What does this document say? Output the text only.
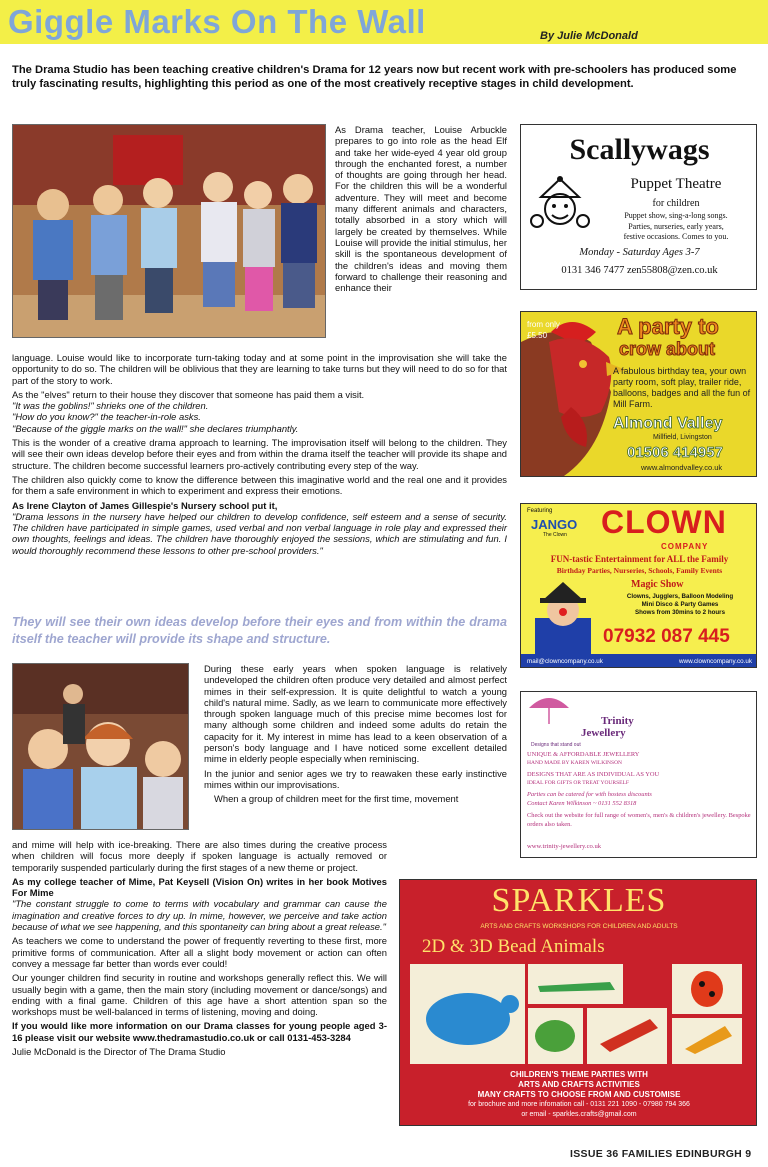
Giggle Marks On The Wall	By Julie McDonald
The Drama Studio has been teaching creative children's Drama for 12 years now but recent work with pre-schoolers has produced some truly fascinating results, highlighting this period as one of the most creatively receptive stages in child development.
As Drama teacher, Louise Arbuckle prepares to go into role as the head Elf and take her wide-eyed 4 year old group through the enchanted forest, a number of thoughts are going through her head. For the children this will be a wonderful adventure. They will meet and become many different animals and characters, totally absorbed in a story which will largely be created by themselves. While Louise will provide the initial stimulus, her skill is the spontaneous development of the children's ideas and moving them forward to challenge their reasoning and enhance their

language. Louise would like to incorporate turn-taking today and at some point in the improvisation she will take the opportunity to do so. The children will be oblivious that they are learning to take turns but they will need to do so for that part of the story to work.

As the "elves" return to their house they discover that someone has paid them a visit.

"It was the goblins!" shrieks one of the children.
"How do you know?" the teacher-in-role asks.

"Because of the giggle marks on the wall!" she declares triumphantly.

This is the wonder of a creative drama approach to learning. The improvisation itself will belong to the children. They will see their own ideas develop before their eyes and from within the drama itself the teacher will provide its shape and structure. The children become successful learners pro-actively contributing every step of the way.

The children also quickly come to know the difference between this imaginative world and the real one and it provides for them a safe environment in which to experiment and express their emotions.

As Irene Clayton of James Gillespie's Nursery school put it,

"Drama lessons in the nursery have helped our children to develop confidence, self esteem and a sense of security. The children have participated in simple games, used verbal and non verbal language in role play and expressed their own thoughts, feelings and ideas. The children have thoroughly enjoyed the sessions, which are stimulating and fun. I would thoroughly recommend these lessons to other pre-school providers."

They will see their own ideas develop before their eyes and from within the drama itself the teacher will provide its shape and structure.

During these early years when spoken language is relatively undeveloped the children often produce very detailed and almost perfect mimes in their self-expression. It is quite delightful to watch a young child's natural mime. Sadly, as we learn to communicate more effectively through spoken language much of this precise mime becomes lost for many although some children and indeed some adults do retain the capacity for it. My interest in mime has lead to a keen observation of a person's body language and I have noticed some excellent detailed mime in elderly people especially when reminiscing.

In the junior and senior ages we try to reawaken these early instinctive mimes within our improvisations.

When a group of children meet for the first time, movement

and mime will help with ice-breaking. There are also times during the creative process when children will focus more deeply if spoken language is actually removed or temporarily suspended particularly during the first stages of a new theme or project.

As my college teacher of Mime, Pat Keysell (Vision On) writes in her book Motives For Mime

"The constant struggle to come to terms with vocabulary and grammar can cause the imagination and creative forces to dry up. In mime, however, we perceive and take action because of what we see happening, and this spontaneity can bring about a great release."

As teachers we come to understand the power of frequently reverting to these first, more primitive forms of communication. After all a slight body movement or action can often convey a message far better than words ever could!

Our younger children find security in routine and workshops generally reflect this. We will usually begin with a game, then the main story (including movement or dance/songs) and ending with a final game. Children of this age have a short attention span so the workshops must be well-balanced in terms of listening, moving and doing.

If you would like more information on our Drama classes for young people aged 3-16 please visit our website www.thedramastudio.co.uk or call 0131-453-3284

Julie McDonald is the Director of The Drama Studio

Scallywags
Puppet Theatre
for children
Puppet show, sing-a-long songs.
Parties, nurseries, early years,
festive occasions. Comes to you.
Monday - Saturday Ages 3-7
0131 346 7477 zen55808@zen.co.uk
from only
£5.50	A party to
crow about
A fabulous birthday tea, your own party room, soft play, trailer ride, balloons, badges and all the fun of Mill Farm.
Almond Valley
Millfield, Livingston
01506 414957
www.almondvalley.co.uk
Featuring
JANGO
The Clown CLOWN
COMPANY
FUN-tastic Entertainment for ALL the Family
Birthday Parties, Nurseries, Schools, Family Events
Magic Show
Clowns, Jugglers, Balloon Modeling
Mini Disco & Party Games
Shows from 30mins to 2 hours
07932 087 445
mail@clowncompany.co.uk	www.clowncompany.co.uk
Trinity
Jewellery
Designs that stand out
UNIQUE & AFFORDABLE JEWELLERY
HAND MADE BY KAREN WILKINSON
DESIGNS THAT ARE AS INDIVIDUAL AS YOU
IDEAL FOR GIFTS OR TREAT YOURSELF
Parties can be catered for with hostess discounts
Contact Karen Wilkinson ~ 0131 552 8318
Check out the website for full range of women's, men's & children's jewellery. Bespoke orders also taken.
www.trinity-jewellery.co.uk
SPARKLES
ARTS AND CRAFTS WORKSHOPS FOR CHILDREN AND ADULTS
2D & 3D Bead Animals
CHILDREN'S THEME PARTIES WITH
ARTS AND CRAFTS ACTIVITIES
MANY CRAFTS TO CHOOSE FROM AND CUSTOMISE
for brochure and more infomation call - 0131 221 1090 - 07980 794 366
or email - sparkles.crafts@gmail.com
ISSUE 36 FAMILIES EDINBURGH 9
